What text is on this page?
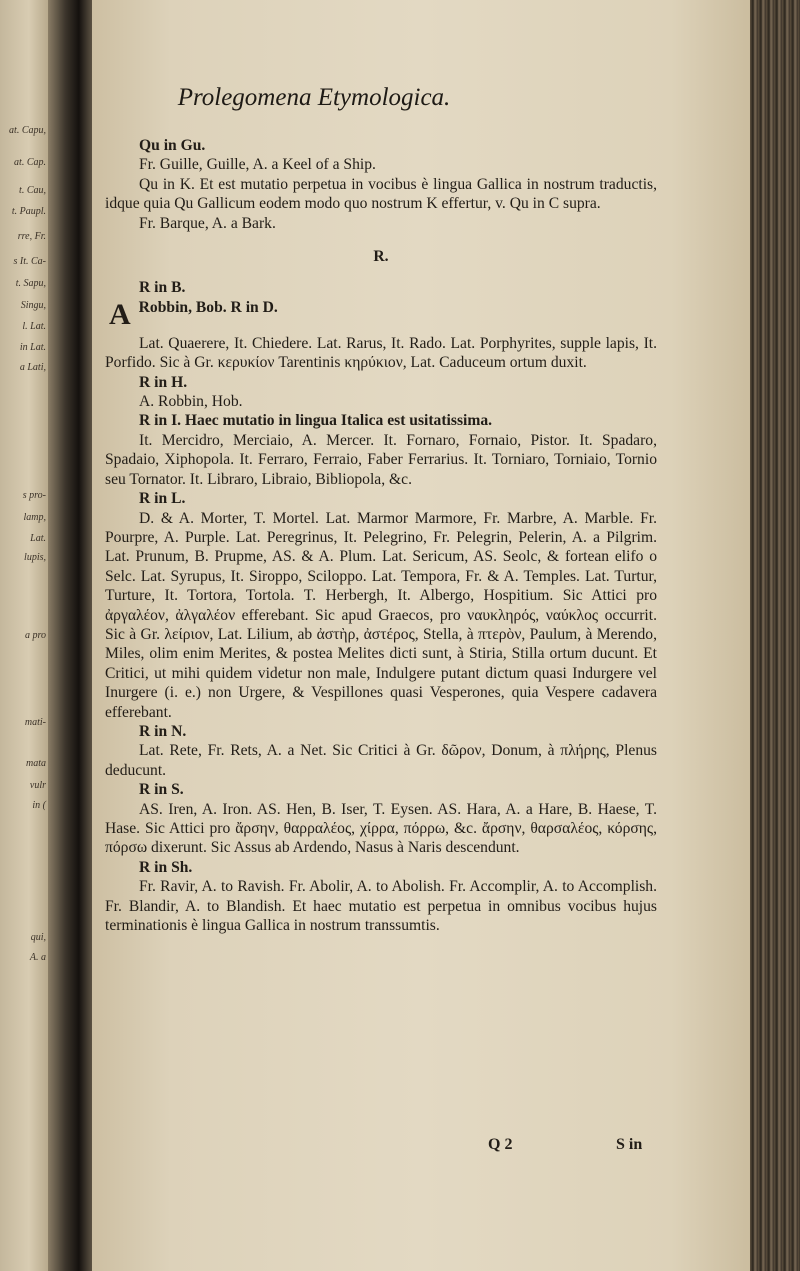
at. Capu,
at. Cap.
t. Cau,
t. Paupl.
rre, Fr.
s It. Ca-
t. Sapu,
Singu,
l. Lat.
in Lat.
a Lati,
s pro-
lamp,
Lat.
lupis,
a pro
mati-
mata
vulr
in (
qui,
A. a
Prolegomena Etymologica.

Qu in Gu.

Fr. Guille, Guille, A. a Keel of a Ship.

Qu in K. Et est mutatio perpetua in vocibus è lingua Gallica in nostrum traductis, idque quia Qu Gallicum eodem modo quo nostrum K effertur, v. Qu in C supra.

Fr. Barque, A. a Bark.

R.

R in B.

A Robbin, Bob. R in D.

Lat. Quaerere, It. Chiedere. Lat. Rarus, It. Rado. Lat. Porphyrites, supple lapis, It. Porfido. Sic à Gr. κερυκίον Tarentinis κηρύκιον, Lat. Caduceum ortum duxit.

R in H.

A. Robbin, Hob.

R in I. Haec mutatio in lingua Italica est usitatissima.

It. Mercidro, Merciaio, A. Mercer. It. Fornaro, Fornaio, Pistor. It. Spadaro, Spadaio, Xiphopola. It. Ferraro, Ferraio, Faber Ferrarius. It. Torniaro, Torniaio, Tornio seu Tornator. It. Libraro, Libraio, Bibliopola, &c.

R in L.

D. & A. Morter, T. Mortel. Lat. Marmor Marmore, Fr. Marbre, A. Marble. Fr. Pourpre, A. Purple. Lat. Peregrinus, It. Pelegrino, Fr. Pelegrin, Pelerin, A. a Pilgrim. Lat. Prunum, B. Prupme, AS. & A. Plum. Lat. Sericum, AS. Seolc, & fortean elifo o Selc. Lat. Syrupus, It. Siroppo, Sciloppo. Lat. Tempora, Fr. & A. Temples. Lat. Turtur, Turture, It. Tortora, Tortola. T. Herbergh, It. Albergo, Hospitium. Sic Attici pro ἀργαλέον, ἀλγαλέον efferebant. Sic apud Graecos, pro ναυκληρός, ναύκλος occurrit. Sic à Gr. λείριον, Lat. Lilium, ab ἀστὴρ, ἀστέρος, Stella, à πτερὸν, Paulum, à Merendo, Miles, olim enim Merites, & postea Melites dicti sunt, à Stiria, Stilla ortum ducunt. Et Critici, ut mihi quidem videtur non male, Indulgere putant dictum quasi Indurgere vel Inurgere (i. e.) non Urgere, & Vespillones quasi Vesperones, quia Vespere cadavera efferebant.

R in N.

Lat. Rete, Fr. Rets, A. a Net. Sic Critici à Gr. δῶρον, Donum, à πλήρης, Plenus deducunt.

R in S.

AS. Iren, A. Iron. AS. Hen, B. Iser, T. Eysen. AS. Hara, A. a Hare, B. Haese, T. Hase. Sic Attici pro ἄρσην, θαρραλέος, χίρρα, πόρρω, &c. ἄρσην, θαρσαλέος, κόρσης, πόρσω dixerunt. Sic Assus ab Ardendo, Nasus à Naris descendunt.

R in Sh.

Fr. Ravir, A. to Ravish. Fr. Abolir, A. to Abolish. Fr. Accomplir, A. to Accomplish. Fr. Blandir, A. to Blandish. Et haec mutatio est perpetua in omnibus vocibus hujus terminationis è lingua Gallica in nostrum transsumtis.

Q 2	S in
